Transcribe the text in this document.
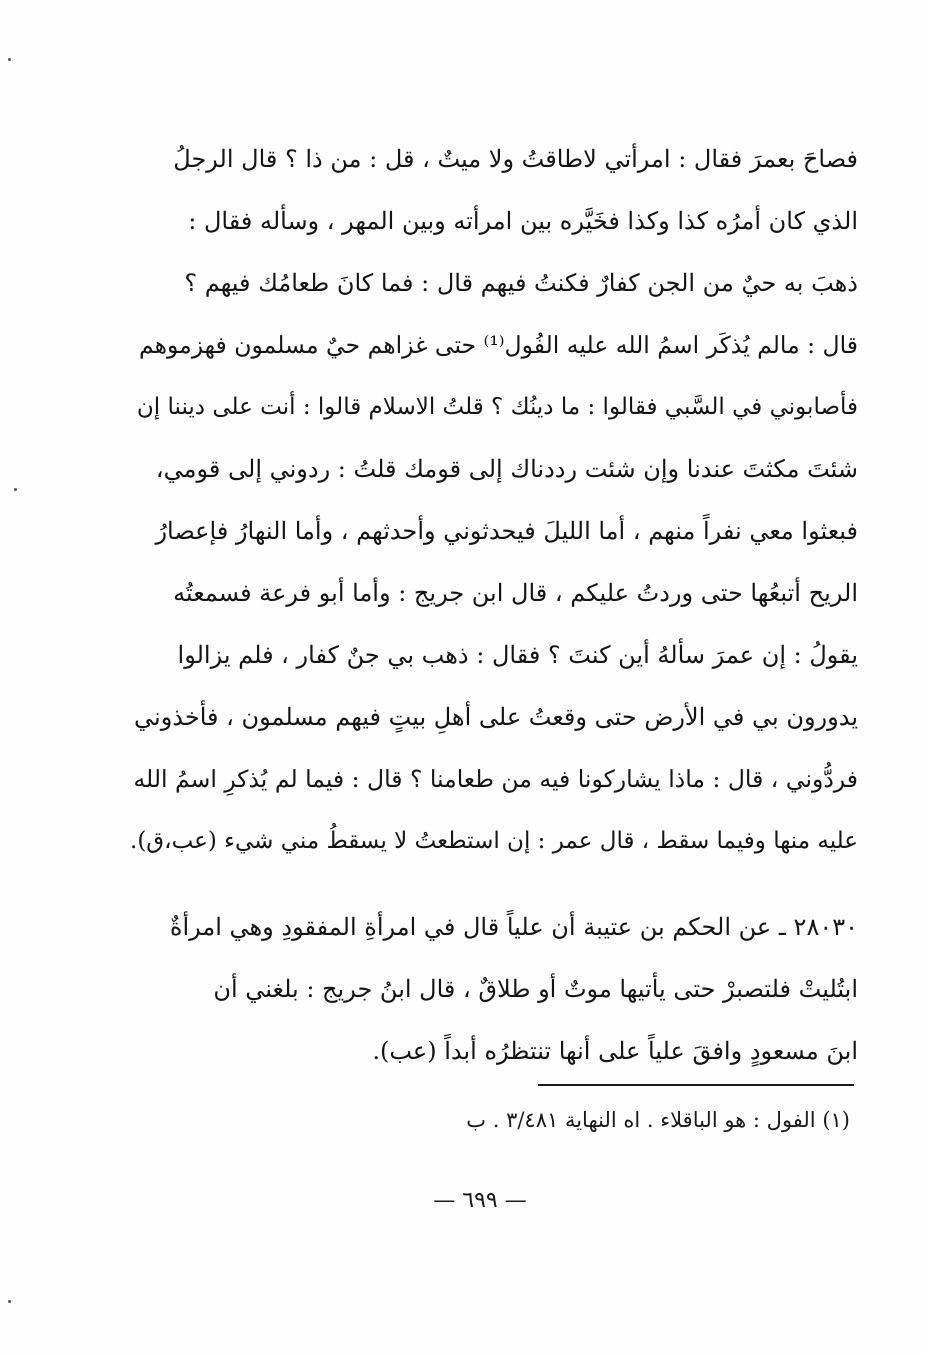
فصاحَ بعمرَ فقال : امرأتي لاطاقتُ ولا ميتٌ ، قل : من ذا ؟ قال الرجلُ
الذي كان أمرُه كذا وكذا فخَيَّره بين امرأته وبين المهر ، وسأله فقال :
ذهبَ به حيٌ من الجن كفارٌ فكنتُ فيهم قال : فما كانَ طعامُك فيهم ؟
قال : مالم يُذكَر اسمُ الله عليه الفُول⁽¹⁾ حتى غزاهم حيٌ مسلمون فهزموهم
فأصابوني في السَّبي فقالوا : ما دينُك ؟ قلتُ الاسلام قالوا : أنت على ديننا إن
شئتَ مكثتَ عندنا وإن شئت رددناك إلى قومك قلتُ : ردوني إلى قومي،
فبعثوا معي نفراً منهم ، أما الليلَ فيحدثوني وأحدثهم ، وأما النهارُ فإعصارُ
الريح أتبعُها حتى وردتُ عليكم ، قال ابن جريج : وأما أبو فرعة فسمعتُه
يقولُ : إن عمرَ سألهُ أين كنتَ ؟ فقال : ذهب بي جنٌ كفار ، فلم يزالوا
يدورون بي في الأرض حتى وقعتُ على أهلِ بيتٍ فيهم مسلمون ، فأخذوني
فردُّوني ، قال : ماذا يشاركونا فيه من طعامنا ؟ قال : فيما لم يُذكرِ اسمُ الله
عليه منها وفيما سقط ، قال عمر : إن استطعتُ لا يسقطُ مني شيء (عب،ق).
٢٨٠٣٠ ـ عن الحكم بن عتيبة أن علياً قال في امرأةِ المفقودِ وهي امرأةٌ
ابتُليتْ فلتصبرْ حتى يأتيها موتٌ أو طلاقٌ ، قال ابنُ جريج : بلغني أن
ابنَ مسعودٍ وافقَ علياً على أنها تنتظرُه أبداً (عب).
(١) الفول : هو الباقلاء . اه النهاية ٣/٤٨١ . ب
— ٦٩٩ —
